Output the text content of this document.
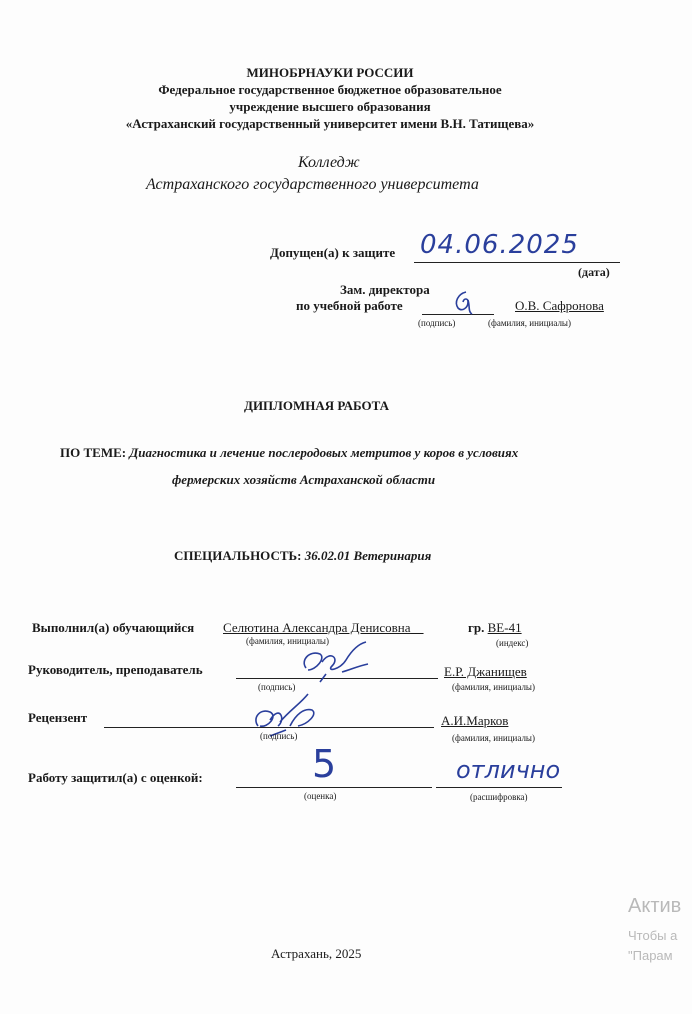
МИНОБРНАУКИ РОССИИ
Федеральное государственное бюджетное образовательное
учреждение высшего образования
«Астраханский государственный университет имени В.Н. Татищева»
Колледж
Астраханского государственного университета
Допущен(а) к защите 04.06.2025
(дата)
Зам. директора
по учебной работе	О.В. Сафронова
(подпись)	(фамилия, инициалы)
ДИПЛОМНАЯ РАБОТА
ПО ТЕМЕ: Диагностика и лечение послеродовых метритов у коров в условиях
фермерских хозяйств Астраханской области
СПЕЦИАЛЬНОСТЬ: 36.02.01 Ветеринария
Выполнил(а) обучающийся Селютина Александра Денисовна	гр. ВЕ-41
(фамилия, инициалы)	(индекс)
Руководитель, преподаватель	Е.Р. Джанищев
(подпись)	(фамилия, инициалы)
Рецензент	А.И.Марков
(подпись)	(фамилия, инициалы)
Работу защитил(а) с оценкой:	5	отлично
(оценка)	(расшифровка)
Астрахань, 2025
Актив
Чтобы а
"Парам
